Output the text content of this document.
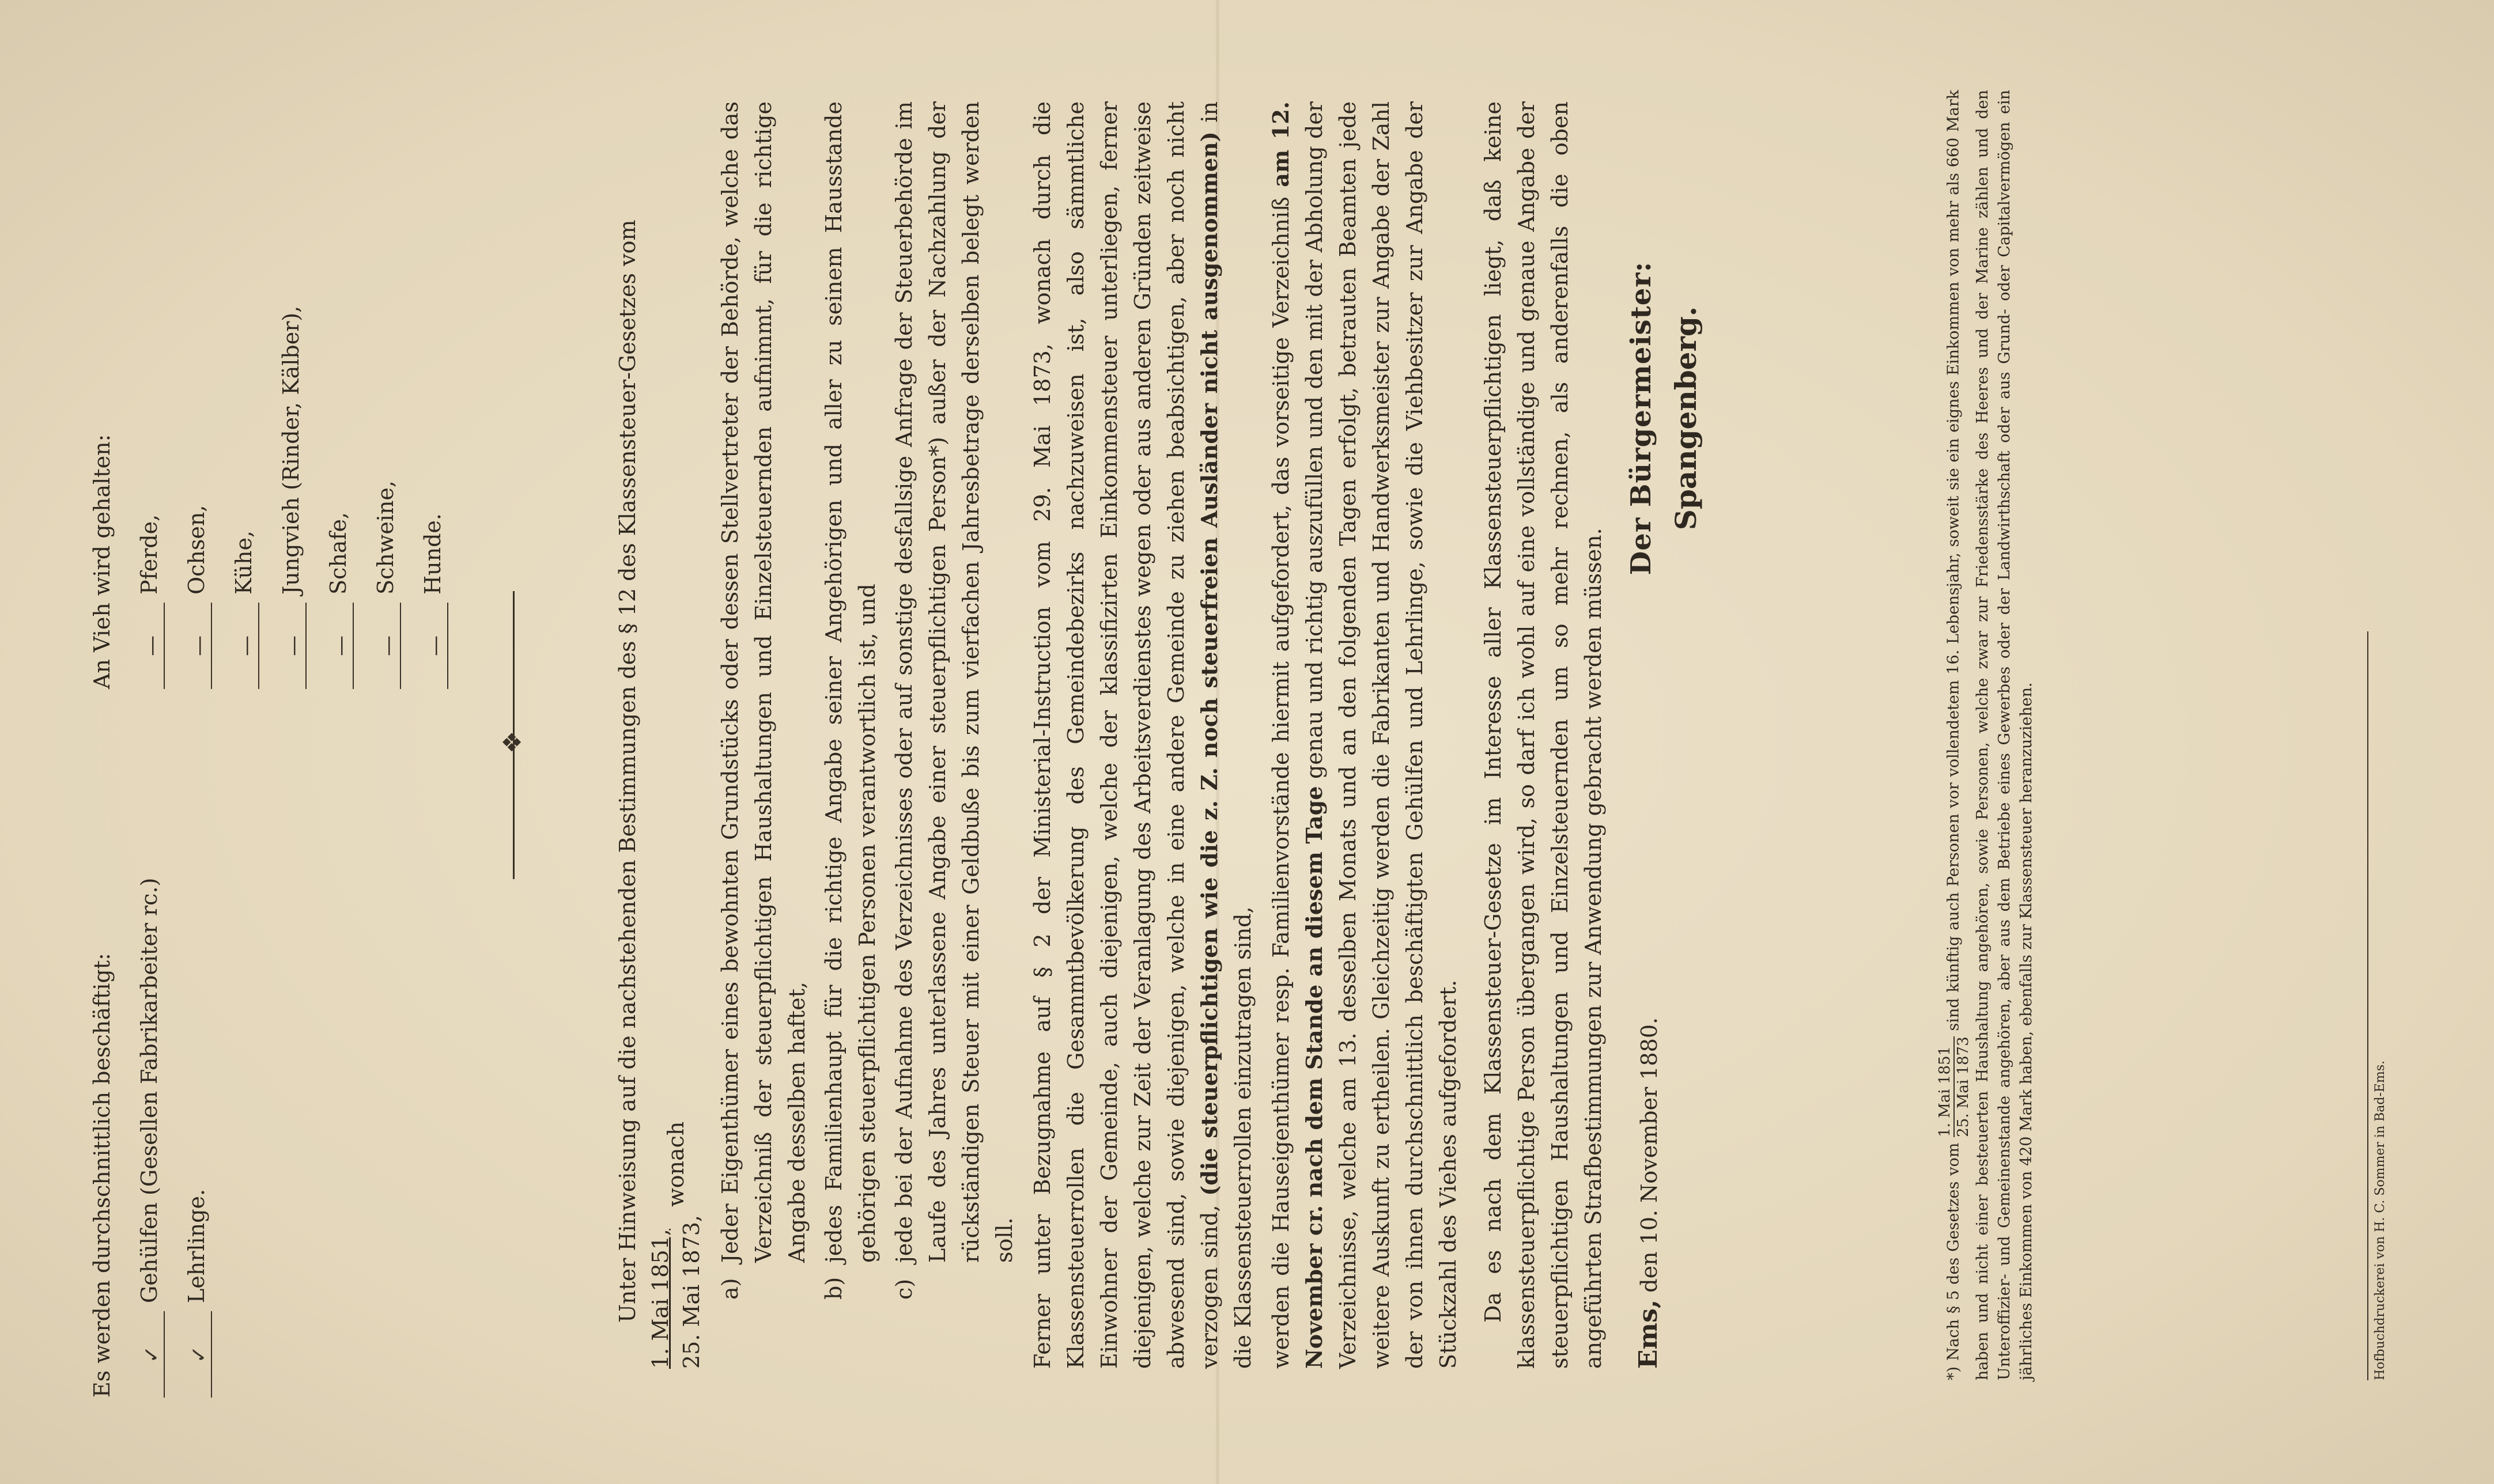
Es werden durchschnittlich beschäftigt: ✓
Gehülfen (Gesellen Fabrikarbeiter rc.)
✓
Lehrlinge.
An Vieh wird gehalten: —
Pferde,
—
Ochsen,
—
Kühe,
—
Jungvieh (Rinder, Kälber),
—
Schafe,
—
Schweine,
—
Hunde.
❖	Unter Hinweisung auf die nachstehenden Bestimmungen des § 12 des Klassensteuer-Gesetzes vom 1. Mai 1851, 25. Mai 1873,
wonach
a)
Jeder Eigenthümer eines bewohnten Grundstücks oder dessen Stellvertreter der Behörde, welche das Verzeichniß der steuerpflichtigen Haushaltungen und Einzelsteuernden aufnimmt, für die richtige Angabe desselben haftet,
b)
jedes Familienhaupt für die richtige Angabe seiner Angehörigen und aller zu seinem Hausstande gehörigen steuerpflichtigen Personen verantwortlich ist, und
c)
jede bei der Aufnahme des Verzeichnisses oder auf sonstige desfallsige Anfrage der Steuerbehörde im Laufe des Jahres unterlassene Angabe einer steuerpflichtigen Person*) außer der Nachzahlung der rückständigen Steuer mit einer Geldbuße bis zum vierfachen Jahresbetrage derselben belegt werden soll. Ferner unter Bezugnahme auf § 2 der Ministerial-Instruction vom 29. Mai 1873, wonach durch die Klassensteuerrollen die Gesammtbevölkerung des Gemeindebezirks nachzuweisen ist, also sämmtliche Einwohner der Gemeinde, auch diejenigen, welche der klassifizirten Einkommensteuer unterliegen, ferner diejenigen, welche zur Zeit der Veranlagung des Arbeitsverdienstes wegen oder aus anderen Gründen zeitweise abwesend sind, sowie diejenigen, welche in eine andere Gemeinde zu ziehen beabsichtigen, aber noch nicht verzogen sind, (die steuerpflichtigen wie die z. Z. noch steuerfreien Ausländer nicht ausgenommen) in die Klassensteuerrollen einzutragen sind, werden die Hauseigenthümer resp. Familienvorstände hiermit aufgefordert, das vorseitige Verzeichniß am 12. November cr. nach dem Stande an diesem Tage genau und richtig auszufüllen und den mit der Abholung der Verzeichnisse, welche am 13. desselben Monats und an den folgenden Tagen erfolgt, betrauten Beamten jede weitere Auskunft zu ertheilen. Gleichzeitig werden die Fabrikanten und Handwerksmeister zur Angabe der Zahl der von ihnen durchschnittlich beschäftigten Gehülfen und Lehrlinge, sowie die Viehbesitzer zur Angabe der Stückzahl des Viehes aufgefordert. Da es nach dem Klassensteuer-Gesetze im Interesse aller Klassensteuerpflichtigen liegt, daß keine klassensteuerpflichtige Person übergangen wird, so darf ich wohl auf eine vollständige und genaue Angabe der steuerpflichtigen Haushaltungen und Einzelsteuernden um so mehr rechnen, als anderenfalls die oben angeführten Strafbestimmungen zur Anwendung gebracht werden müssen. Ems, den 10. November 1880.
Der Bürgermeister: Spangenberg.
*) Nach § 5 des Gesetzes vom
1. Mai 1851 25. Mai 1873
sind künftig auch Personen vor vollendetem 16. Lebensjahr, soweit sie ein eignes Einkommen von mehr als 660 Mark haben und nicht einer besteuerten Haushaltung angehören, sowie Personen, welche zwar zur Friedensstärke des Heeres und der Marine zählen und den Unteroffizier- und Gemeinenstande angehören, aber aus dem Betriebe eines Gewerbes oder der Landwirthschaft oder aus Grund- oder Capitalvermögen ein jährliches Einkommen von 420 Mark haben, ebenfalls zur Klassensteuer heranzuziehen.	Hofbuchdruckerei von H. C. Sommer in Bad-Ems.
